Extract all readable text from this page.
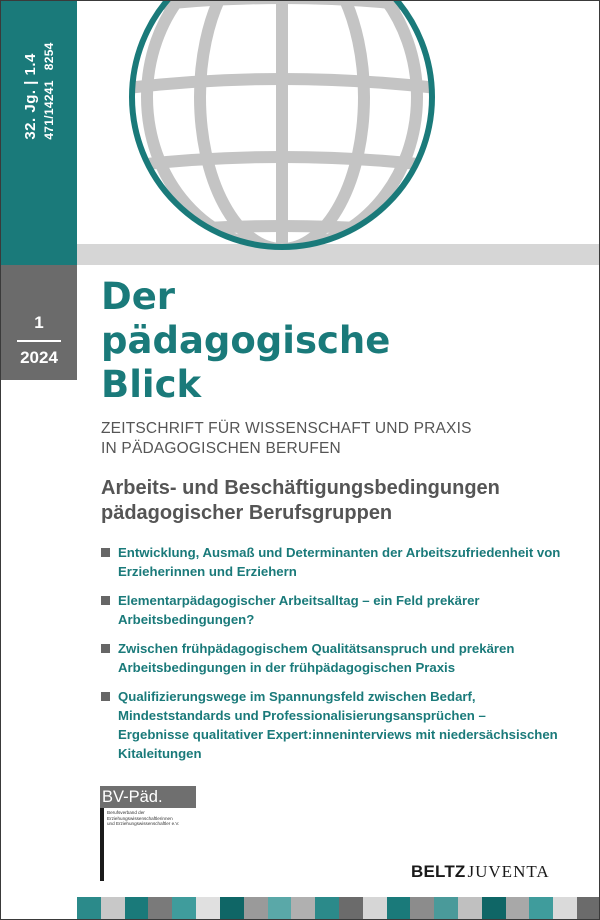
32. Jg. | 1.4 471/142418254
1
2024
Der
pädagogische
Blick
ZEITSCHRIFT FÜR WISSENSCHAFT UND PRAXIS
IN PÄDAGOGISCHEN BERUFEN
Arbeits- und Beschäftigungsbedingungen
pädagogischer Berufsgruppen
Entwicklung, Ausmaß und Determinanten der Arbeitszufriedenheit von
Erzieherinnen und Erziehern
Elementarpädagogischer Arbeitsalltag – ein Feld prekärer
Arbeitsbedingungen?
Zwischen frühpädagogischem Qualitätsanspruch und prekären
Arbeitsbedingungen in der frühpädagogischen Praxis
Qualifizierungswege im Spannungsfeld zwischen Bedarf,
Mindeststandards und Professionalisierungsansprüchen –
Ergebnisse qualitativer Expert:inneninterviews mit niedersächsischen
Kitaleitungen
BV-Päd.
Berufsverband der
Erziehungswissenschaftlerinnen
und Erziehungswissenschaftler e.V.
BELTZ JUVENTA
